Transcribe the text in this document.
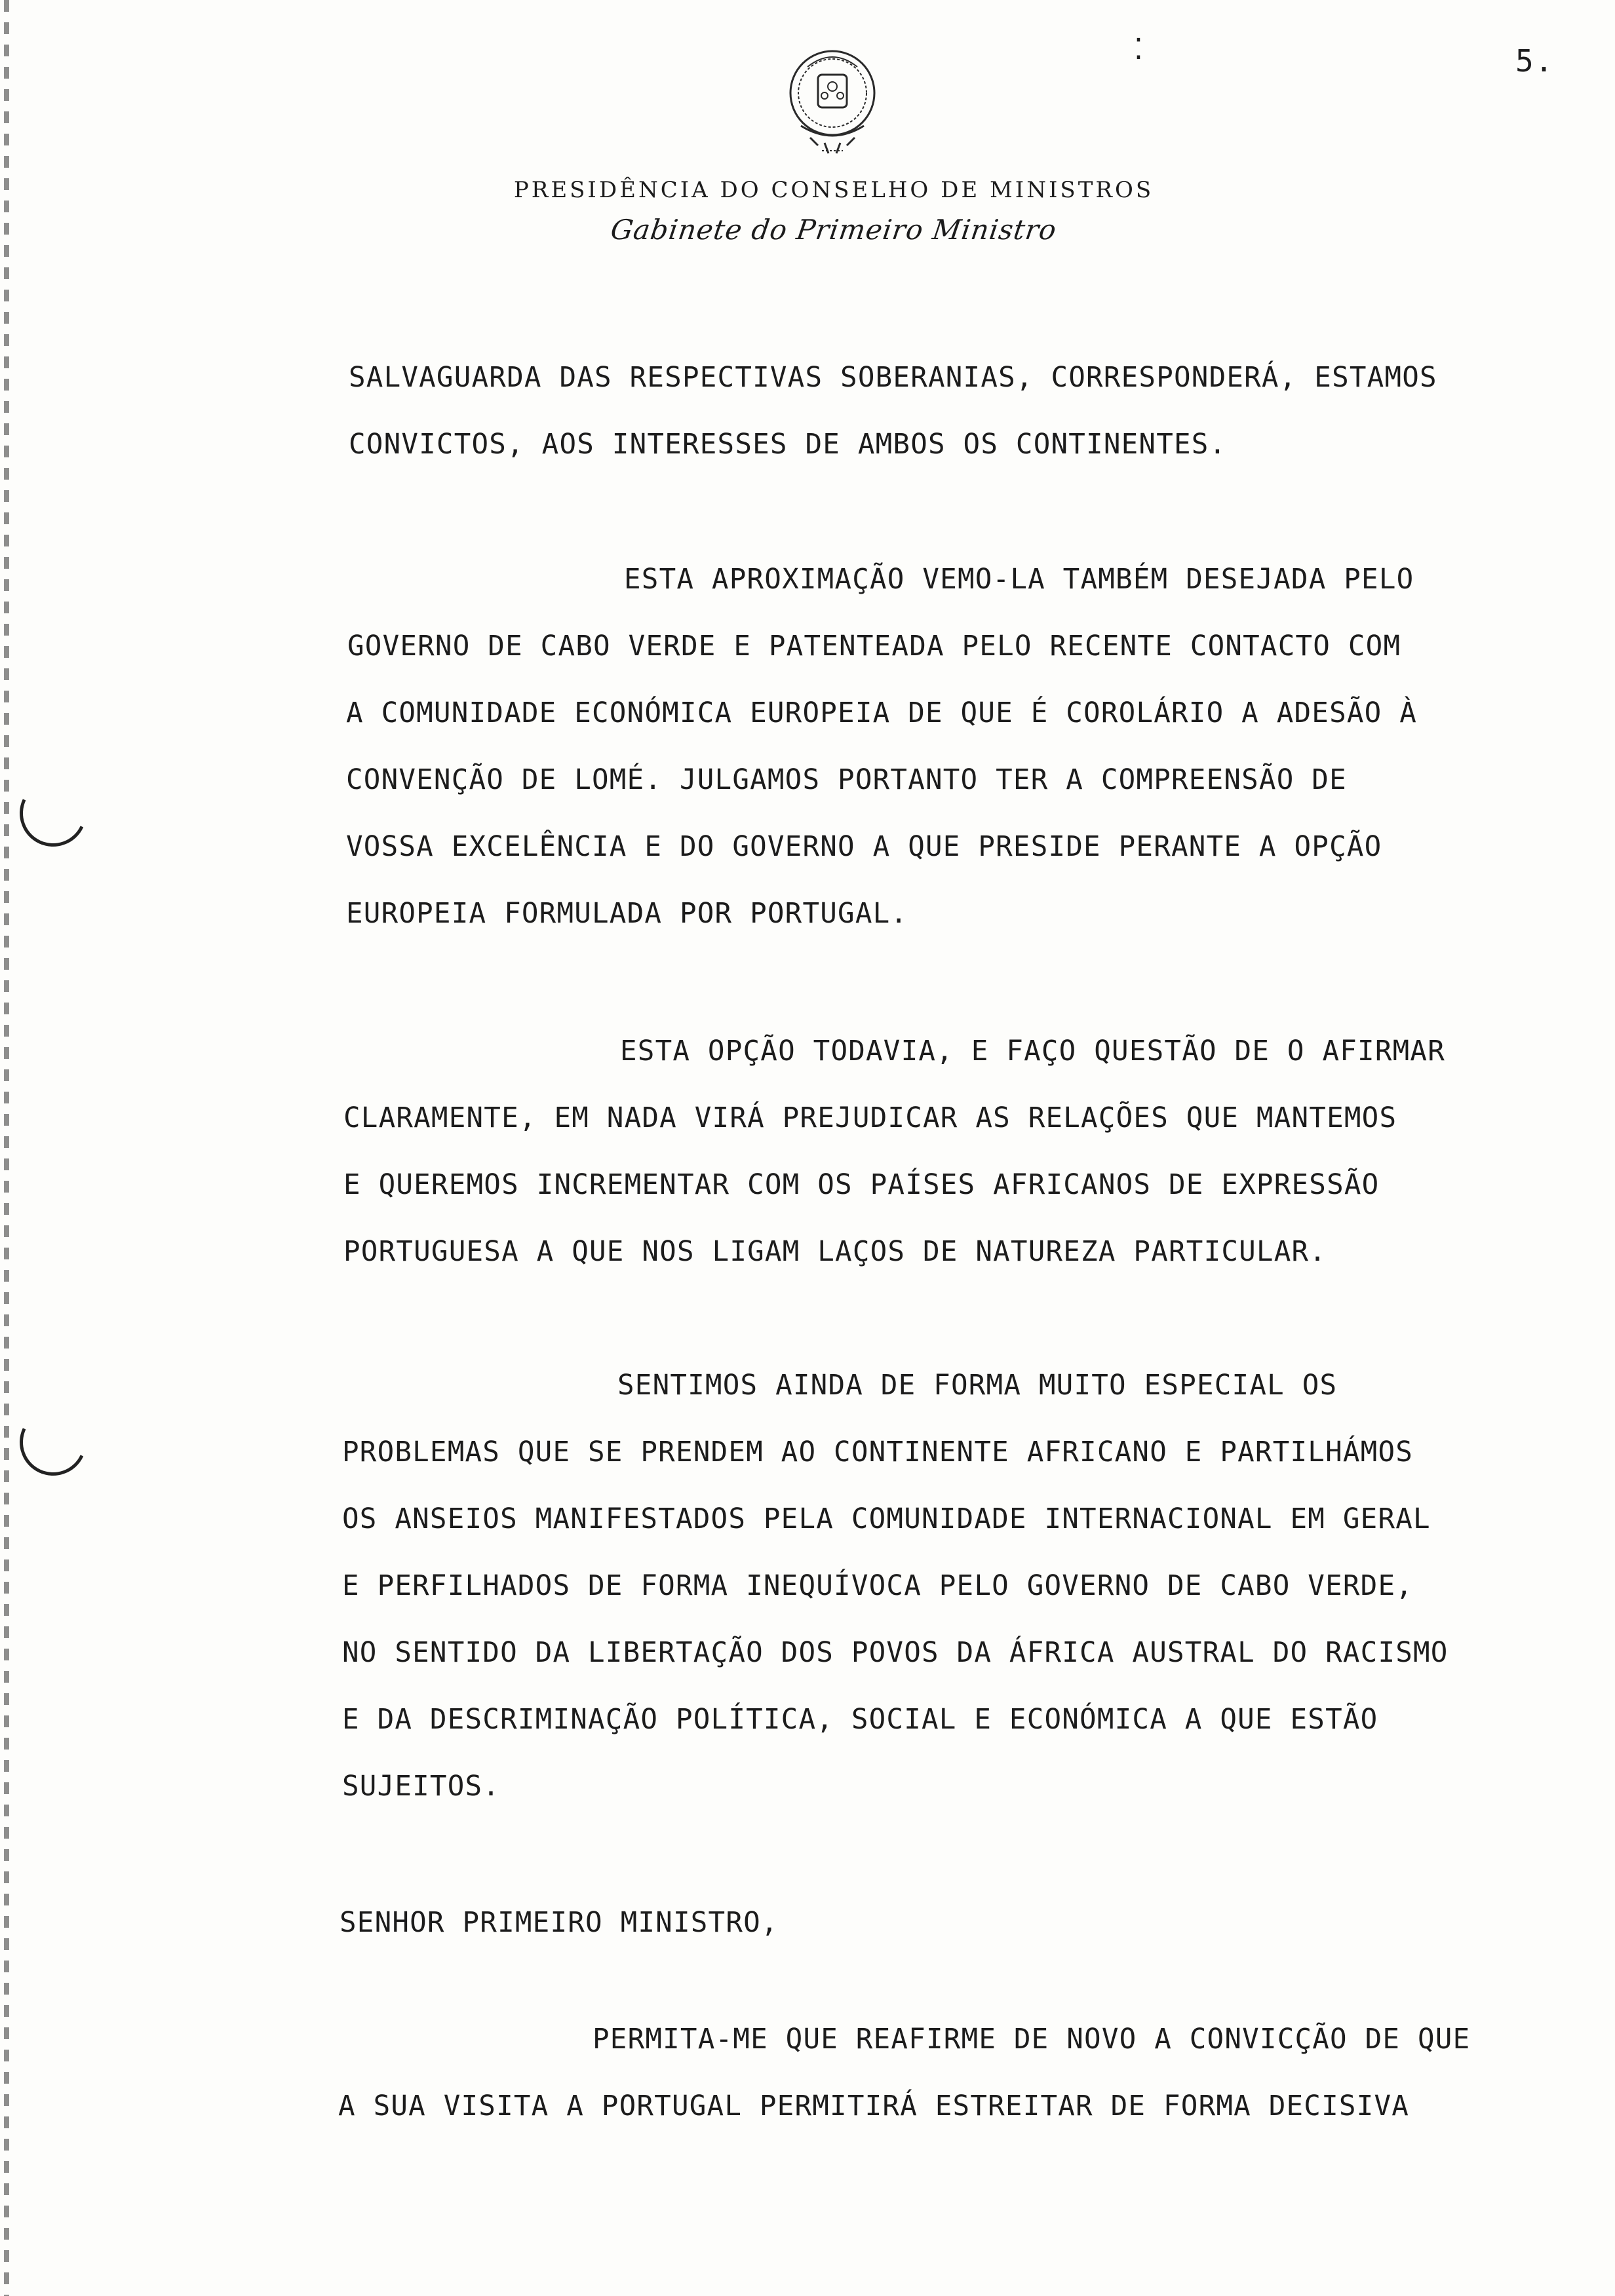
⁚	5.
PRESIDÊNCIA DO CONSELHO DE MINISTROS
Gabinete do Primeiro Ministro
SALVAGUARDA DAS RESPECTIVAS SOBERANIAS, CORRESPONDERÁ, ESTAMOS
CONVICTOS, AOS INTERESSES DE AMBOS OS CONTINENTES.
ESTA APROXIMAÇÃO VEMO-LA TAMBÉM DESEJADA PELO
GOVERNO DE CABO VERDE E PATENTEADA PELO RECENTE CONTACTO COM
A COMUNIDADE ECONÓMICA EUROPEIA DE QUE É COROLÁRIO A ADESÃO À
CONVENÇÃO DE LOMÉ. JULGAMOS PORTANTO TER A COMPREENSÃO DE
VOSSA EXCELÊNCIA E DO GOVERNO A QUE PRESIDE PERANTE A OPÇÃO
EUROPEIA FORMULADA POR PORTUGAL.
ESTA OPÇÃO TODAVIA, E FAÇO QUESTÃO DE O AFIRMAR
CLARAMENTE, EM NADA VIRÁ PREJUDICAR AS RELAÇÕES QUE MANTEMOS
E QUEREMOS INCREMENTAR COM OS PAÍSES AFRICANOS DE EXPRESSÃO
PORTUGUESA A QUE NOS LIGAM LAÇOS DE NATUREZA PARTICULAR.
SENTIMOS AINDA DE FORMA MUITO ESPECIAL OS
PROBLEMAS QUE SE PRENDEM AO CONTINENTE AFRICANO E PARTILHÁMOS
OS ANSEIOS MANIFESTADOS PELA COMUNIDADE INTERNACIONAL EM GERAL
E PERFILHADOS DE FORMA INEQUÍVOCA PELO GOVERNO DE CABO VERDE,
NO SENTIDO DA LIBERTAÇÃO DOS POVOS DA ÁFRICA AUSTRAL DO RACISMO
E DA DESCRIMINAÇÃO POLÍTICA, SOCIAL E ECONÓMICA A QUE ESTÃO
SUJEITOS.
SENHOR PRIMEIRO MINISTRO,
PERMITA-ME QUE REAFIRME DE NOVO A CONVICÇÃO DE QUE
A SUA VISITA A PORTUGAL PERMITIRÁ ESTREITAR DE FORMA DECISIVA
